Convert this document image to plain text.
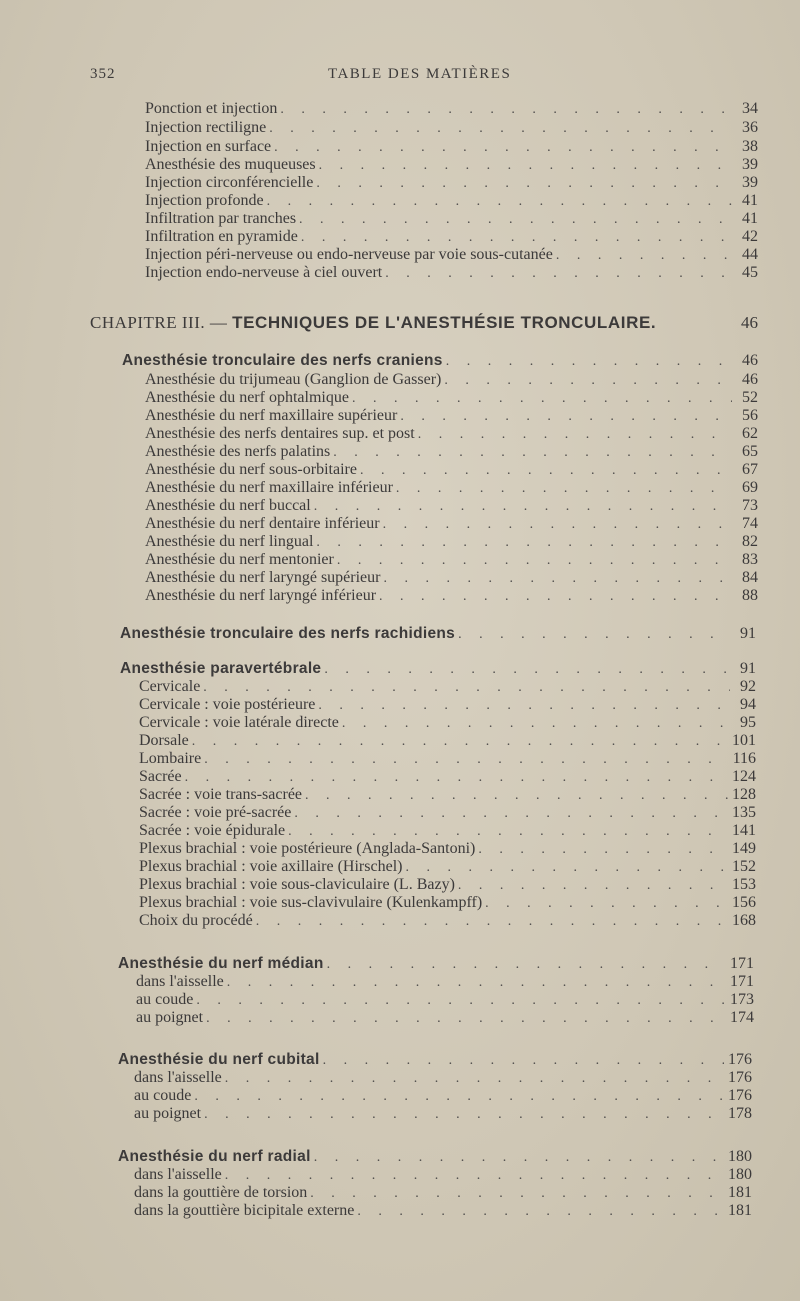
352	TABLE DES MATIÈRES
CHAPITRE III. — TECHNIQUES DE L'ANESTHÉSIE TRONCULAIRE.	46
Ponction et injection . . .	34
Injection rectiligne . . .	36
Injection en surface . . .	38
Anesthésie des muqueuses . . .	39
Injection circonférencielle . . .	39
Injection profonde . . .	41
Infiltration par tranches . . .	41
Infiltration en pyramide . . .	42
Injection péri-nerveuse ou endo-nerveuse par voie sous-cutanée . . .	44
Injection endo-nerveuse à ciel ouvert . . .	45
Anesthésie tronculaire des nerfs craniens . . .	46
Anesthésie du trijumeau (Ganglion de Gasser) . . .	46
Anesthésie du nerf ophtalmique . . .	52
Anesthésie du nerf maxillaire supérieur . . .	56
Anesthésie des nerfs dentaires sup. et post . . .	62
Anesthésie des nerfs palatins . . .	65
Anesthésie du nerf sous-orbitaire . . .	67
Anesthésie du nerf maxillaire inférieur . . .	69
Anesthésie du nerf buccal . . .	73
Anesthésie du nerf dentaire inférieur . . .	74
Anesthésie du nerf lingual . . .	82
Anesthésie du nerf mentonier . . .	83
Anesthésie du nerf laryngé supérieur . . .	84
Anesthésie du nerf laryngé inférieur . . .	88
Anesthésie tronculaire des nerfs rachidiens . . .	91
Anesthésie paravertébrale . . .	91
Cervicale . . .	92
Cervicale : voie postérieure . . .	94
Cervicale : voie latérale directe . . .	95
Dorsale . . .	101
Lombaire . . .	116
Sacrée . . .	124
Sacrée : voie trans-sacrée . . .	128
Sacrée : voie pré-sacrée . . .	135
Sacrée : voie épidurale . . .	141
Plexus brachial : voie postérieure (Anglada-Santoni) . . .	149
Plexus brachial : voie axillaire (Hirschel) . . .	152
Plexus brachial : voie sous-claviculaire (L. Bazy) . . .	153
Plexus brachial : voie sus-clavivulaire (Kulenkampff) . . .	156
Choix du procédé . . .	168
Anesthésie du nerf médian . . .	171
dans l'aisselle . . .	171
au coude . . .	173
au poignet . . .	174
Anesthésie du nerf cubital . . .	176
dans l'aisselle . . .	176
au coude . . .	176
au poignet . . .	178
Anesthésie du nerf radial . . .	180
dans l'aisselle . . .	180
dans la gouttière de torsion . . .	181
dans la gouttière bicipitale externe . . .	181
